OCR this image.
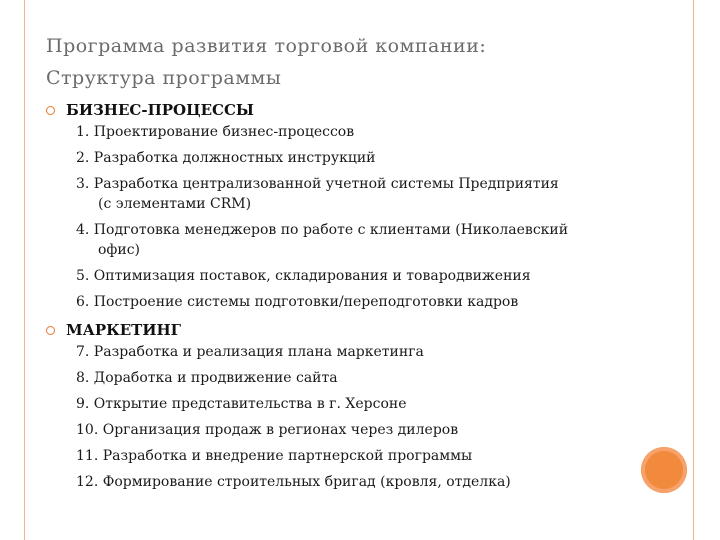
Программа развития торговой компании:
Структура программы
БИЗНЕС-ПРОЦЕССЫ
1. Проектирование бизнес-процессов
2. Разработка должностных инструкций
3. Разработка централизованной учетной системы Предприятия
(с элементами CRM)
4. Подготовка менеджеров по работе с клиентами (Николаевский
офис)
5. Оптимизация поставок, складирования и товародвижения
6. Построение системы подготовки/переподготовки кадров
МАРКЕТИНГ
7. Разработка и реализация плана маркетинга
8. Доработка и продвижение сайта
9. Открытие представительства в г. Херсоне
10. Организация продаж в регионах через дилеров
11. Разработка и внедрение партнерской программы
12. Формирование строительных бригад (кровля, отделка)
